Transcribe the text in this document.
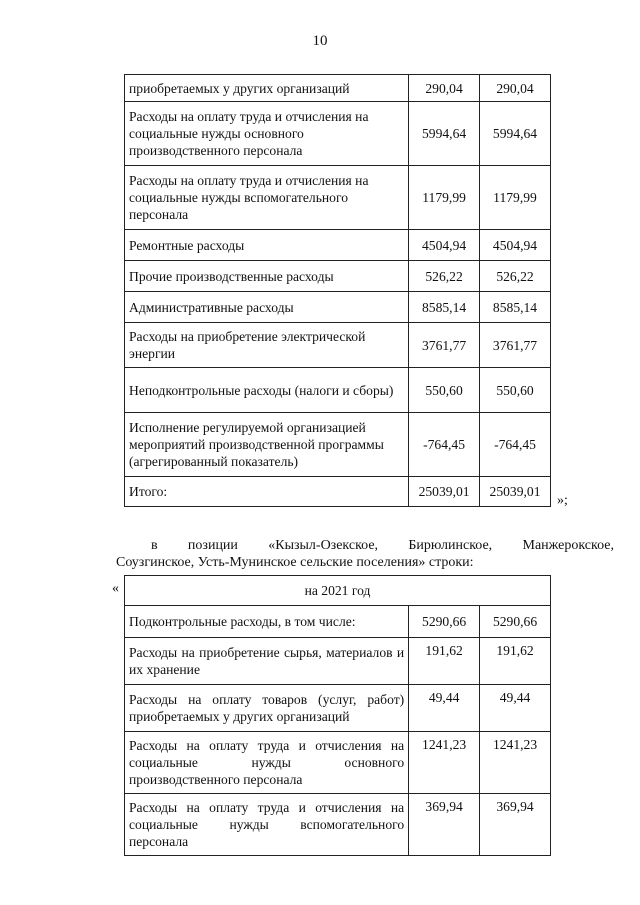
10
приобретаемых у других организаций	290,04	290,04
Расходы на оплату труда и отчисления на социальные нужды основного производственного персонала	5994,64	5994,64
Расходы на оплату труда и отчисления на социальные нужды вспомогательного персонала	1179,99	1179,99
Ремонтные расходы	4504,94	4504,94
Прочие производственные расходы	526,22	526,22
Административные расходы	8585,14	8585,14
Расходы на приобретение электрической энергии	3761,77	3761,77
Неподконтрольные расходы (налоги и сборы)	550,60	550,60
Исполнение регулируемой организацией мероприятий производственной программы (агрегированный показатель)	-764,45	-764,45
Итого:	25039,01	25039,01
»;
в позиции «Кызыл-Озекское, Бирюлинское, Манжерокское,
Соузгинское, Усть-Мунинское сельские поселения» строки:
«	на 2021 год		
Подконтрольные расходы, в том числе:	5290,66	5290,66
Расходы на приобретение сырья, материалов и их хранение	191,62	191,62
Расходы на оплату товаров (услуг, работ) приобретаемых у других организаций	49,44	49,44
Расходы на оплату труда и отчисления на социальные нужды основного производственного персонала	1241,23	1241,23
Расходы на оплату труда и отчисления на социальные нужды вспомогательного персонала	369,94	369,94
